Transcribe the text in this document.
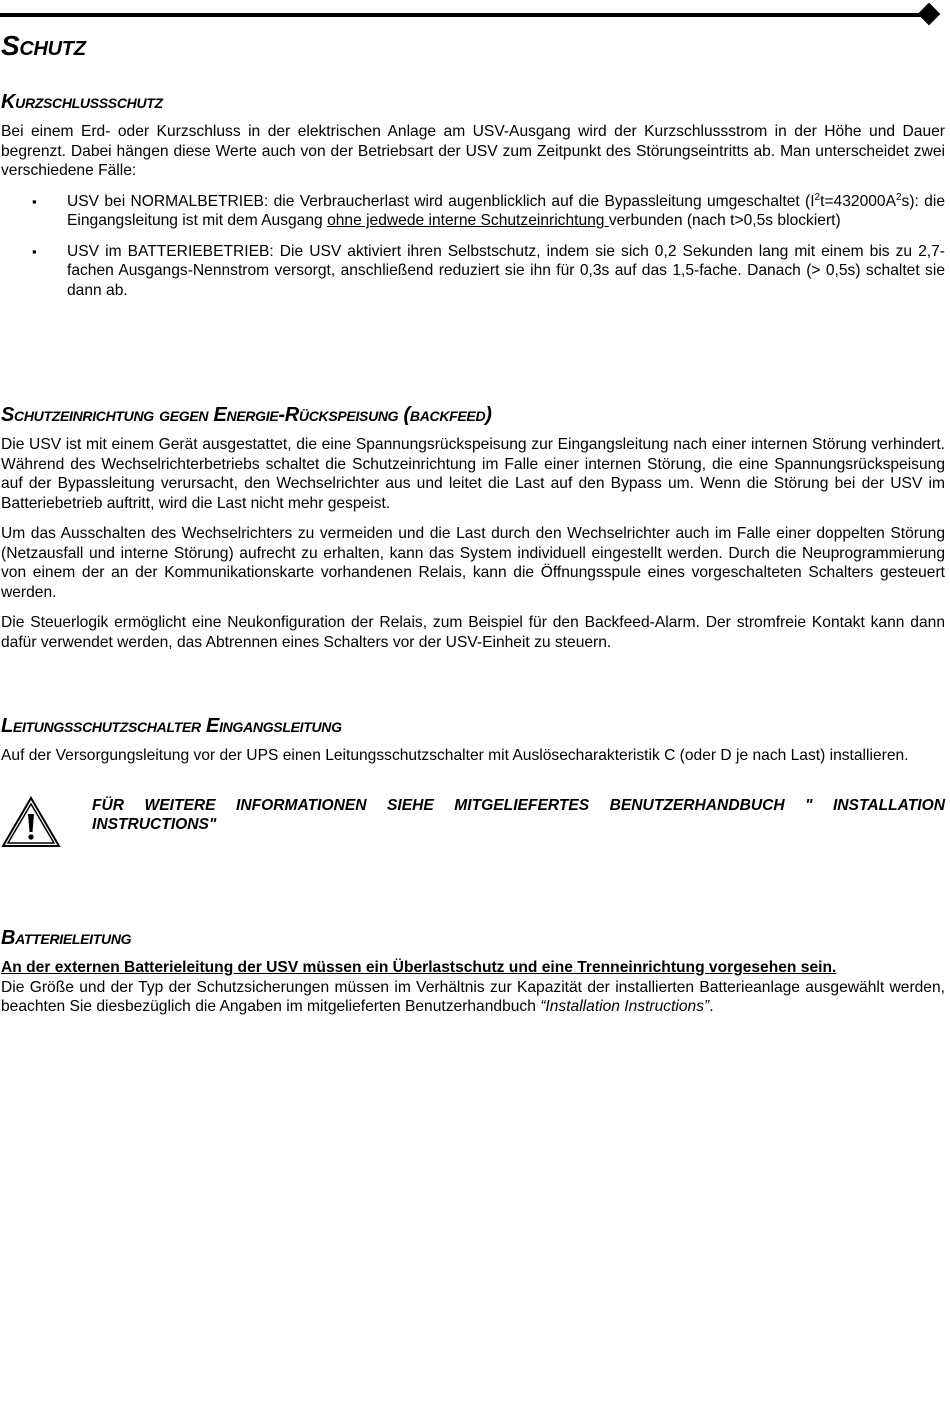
Schutz
Kurzschlussschutz

Bei einem Erd- oder Kurzschluss in der elektrischen Anlage am USV-Ausgang wird der Kurzschlussstrom in der Höhe und Dauer begrenzt. Dabei hängen diese Werte auch von der Betriebsart der USV zum Zeitpunkt des Störungseintritts ab. Man unterscheidet zwei verschiedene Fälle:

▪ USV bei NORMALBETRIEB: die Verbraucherlast wird augenblicklich auf die Bypassleitung umgeschaltet $(I^2t=432000A^2s)$: die Eingangsleitung ist mit dem Ausgang ohne jedwede interne Schutzeinrichtung verbunden (nach t>0,5s blockiert)
▪ USV im BATTERIEBETRIEB: Die USV aktiviert ihren Selbstschutz, indem sie sich 0,2 Sekunden lang mit einem bis zu 2,7-fachen Ausgangs-Nennstrom versorgt, anschließend reduziert sie ihn für 0,3s auf das 1,5-fache. Danach (> 0,5s) schaltet sie dann ab.
Schutzeinrichtung gegen Energie-Rückspeisung (backfeed)

Die USV ist mit einem Gerät ausgestattet, die eine Spannungsrückspeisung zur Eingangsleitung nach einer internen Störung verhindert. Während des Wechselrichterbetriebs schaltet die Schutzeinrichtung im Falle einer internen Störung, die eine Spannungsrückspeisung auf der Bypassleitung verursacht, den Wechselrichter aus und leitet die Last auf den Bypass um. Wenn die Störung bei der USV im Batteriebetrieb auftritt, wird die Last nicht mehr gespeist.

Um das Ausschalten des Wechselrichters zu vermeiden und die Last durch den Wechselrichter auch im Falle einer doppelten Störung (Netzausfall und interne Störung) aufrecht zu erhalten, kann das System individuell eingestellt werden. Durch die Neuprogrammierung von einem der an der Kommunikationskarte vorhandenen Relais, kann die Öffnungsspule eines vorgeschalteten Schalters gesteuert werden.

Die Steuerlogik ermöglicht eine Neukonfiguration der Relais, zum Beispiel für den Backfeed-Alarm. Der stromfreie Kontakt kann dann dafür verwendet werden, das Abtrennen eines Schalters vor der USV-Einheit zu steuern.

Leitungsschutzschalter Eingangsleitung

Auf der Versorgungsleitung vor der UPS einen Leitungsschutzschalter mit Auslösecharakteristik C (oder D je nach Last) installieren.

FÜR WEITERE INFORMATIONEN SIEHE MITGELIEFERTES BENUTZERHANDBUCH " INSTALLATION INSTRUCTIONS"
Batterieleitung

An der externen Batterieleitung der USV müssen ein Überlastschutz und eine Trenneinrichtung vorgesehen sein.
Die Größe und der Typ der Schutzsicherungen müssen im Verhältnis zur Kapazität der installierten Batterieanlage ausgewählt werden, beachten Sie diesbezüglich die Angaben im mitgelieferten Benutzerhandbuch “Installation Instructions”.
